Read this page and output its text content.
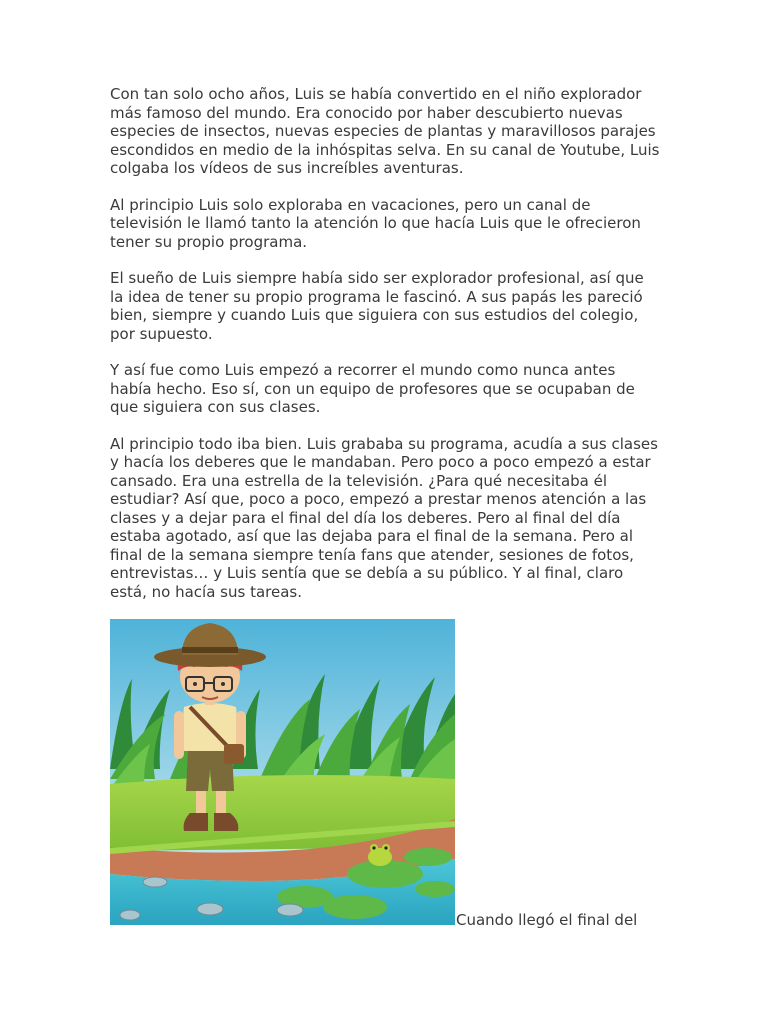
Con tan solo ocho años, Luis se había convertido en el niño explorador más famoso del mundo. Era conocido por haber descubierto nuevas especies de insectos, nuevas especies de plantas y maravillosos parajes escondidos en medio de la inhóspitas selva. En su canal de Youtube, Luis colgaba los vídeos de sus increíbles aventuras.

Al principio Luis solo exploraba en vacaciones, pero un canal de televisión le llamó tanto la atención lo que hacía Luis que le ofrecieron tener su propio programa.

El sueño de Luis siempre había sido ser explorador profesional, así que la idea de tener su propio programa le fascinó. A sus papás les pareció bien, siempre y cuando Luis que siguiera con sus estudios del colegio, por supuesto.

Y así fue como Luis empezó a recorrer el mundo como nunca antes había hecho. Eso sí, con un equipo de profesores que se ocupaban de que siguiera con sus clases.

Al principio todo iba bien. Luis grababa su programa, acudía a sus clases y hacía los deberes que le mandaban. Pero poco a poco empezó a estar cansado. Era una estrella de la televisión. ¿Para qué necesitaba él estudiar? Así que, poco a poco, empezó a prestar menos atención a las clases y a dejar para el final del día los deberes. Pero al final del día estaba agotado, así que las dejaba para el final de la semana. Pero al final de la semana siempre tenía fans que atender, sesiones de fotos, entrevistas… y Luis sentía que se debía a su público. Y al final, claro está, no hacía sus tareas.

Cuando llegó el final del
